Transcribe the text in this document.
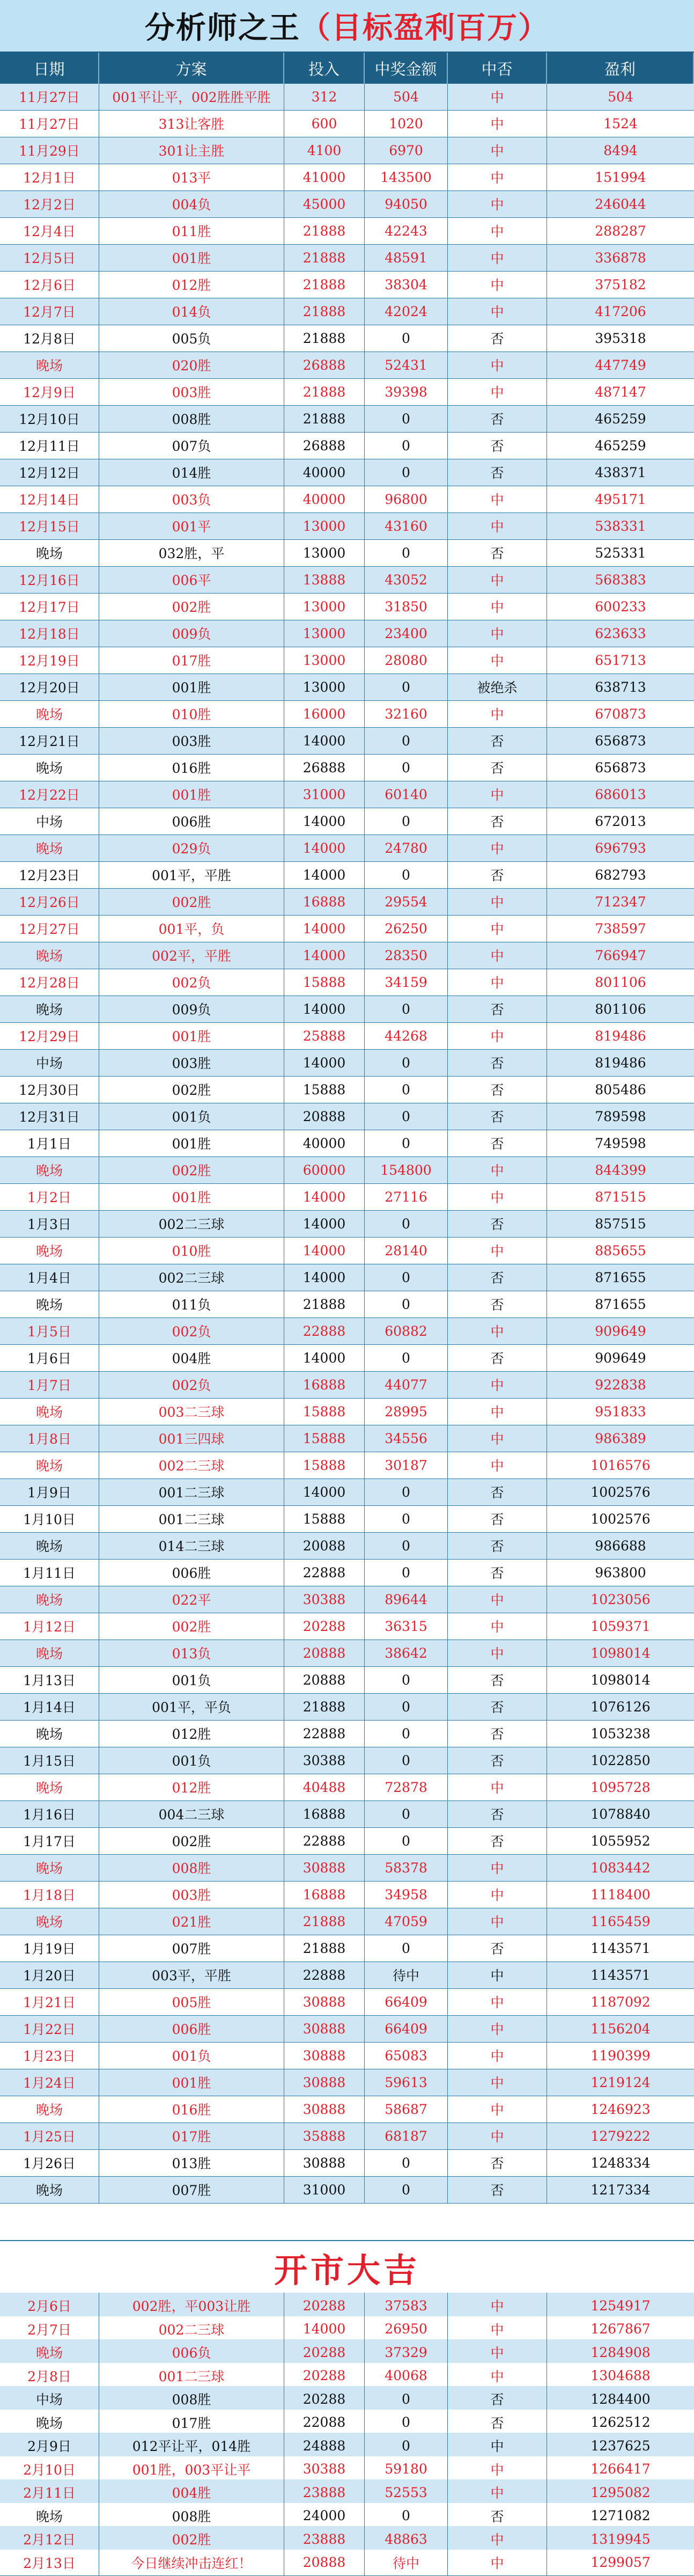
分析师之王 （目标盈利百万）
日期	方案	投入	中奖金额	中否	盈利
11月27日	001平让平，002胜胜平胜	312	504	中	504
11月27日	313让客胜	600	1020	中	1524
11月29日	301让主胜	4100	6970	中	8494
12月1日	013平	41000	143500	中	151994
12月2日	004负	45000	94050	中	246044
12月4日	011胜	21888	42243	中	288287
12月5日	001胜	21888	48591	中	336878
12月6日	012胜	21888	38304	中	375182
12月7日	014负	21888	42024	中	417206
12月8日	005负	21888	0	否	395318
晚场	020胜	26888	52431	中	447749
12月9日	003胜	21888	39398	中	487147
12月10日	008胜	21888	0	否	465259
12月11日	007负	26888	0	否	465259
12月12日	014胜	40000	0	否	438371
12月14日	003负	40000	96800	中	495171
12月15日	001平	13000	43160	中	538331
晚场	032胜，平	13000	0	否	525331
12月16日	006平	13888	43052	中	568383
12月17日	002胜	13000	31850	中	600233
12月18日	009负	13000	23400	中	623633
12月19日	017胜	13000	28080	中	651713
12月20日	001胜	13000	0	被绝杀	638713
晚场	010胜	16000	32160	中	670873
12月21日	003胜	14000	0	否	656873
晚场	016胜	26888	0	否	656873
12月22日	001胜	31000	60140	中	686013
中场	006胜	14000	0	否	672013
晚场	029负	14000	24780	中	696793
12月23日	001平，平胜	14000	0	否	682793
12月26日	002胜	16888	29554	中	712347
12月27日	001平，负	14000	26250	中	738597
晚场	002平，平胜	14000	28350	中	766947
12月28日	002负	15888	34159	中	801106
晚场	009负	14000	0	否	801106
12月29日	001胜	25888	44268	中	819486
中场	003胜	14000	0	否	819486
12月30日	002胜	15888	0	否	805486
12月31日	001负	20888	0	否	789598
1月1日	001胜	40000	0	否	749598
晚场	002胜	60000	154800	中	844399
1月2日	001胜	14000	27116	中	871515
1月3日	002二三球	14000	0	否	857515
晚场	010胜	14000	28140	中	885655
1月4日	002二三球	14000	0	否	871655
晚场	011负	21888	0	否	871655
1月5日	002负	22888	60882	中	909649
1月6日	004胜	14000	0	否	909649
1月7日	002负	16888	44077	中	922838
晚场	003二三球	15888	28995	中	951833
1月8日	001三四球	15888	34556	中	986389
晚场	002二三球	15888	30187	中	1016576
1月9日	001二三球	14000	0	否	1002576
1月10日	001二三球	15888	0	否	1002576
晚场	014二三球	20088	0	否	986688
1月11日	006胜	22888	0	否	963800
晚场	022平	30388	89644	中	1023056
1月12日	002胜	20288	36315	中	1059371
晚场	013负	20888	38642	中	1098014
1月13日	001负	20888	0	否	1098014
1月14日	001平，平负	21888	0	否	1076126
晚场	012胜	22888	0	否	1053238
1月15日	001负	30388	0	否	1022850
晚场	012胜	40488	72878	中	1095728
1月16日	004二三球	16888	0	否	1078840
1月17日	002胜	22888	0	否	1055952
晚场	008胜	30888	58378	中	1083442
1月18日	003胜	16888	34958	中	1118400
晚场	021胜	21888	47059	中	1165459
1月19日	007胜	21888	0	否	1143571
1月20日	003平，平胜	22888	待中	中	1143571
1月21日	005胜	30888	66409	中	1187092
1月22日	006胜	30888	66409	中	1156204
1月23日	001负	30888	65083	中	1190399
1月24日	001胜	30888	59613	中	1219124
晚场	016胜	30888	58687	中	1246923
1月25日	017胜	35888	68187	中	1279222
1月26日	013胜	30888	0	否	1248334
晚场	007胜	31000	0	否	1217334
开市大吉
2月6日	002胜，平003让胜	20288	37583	中	1254917
2月7日	002二三球	14000	26950	中	1267867
晚场	006负	20288	37329	中	1284908
2月8日	001二三球	20288	40068	中	1304688
中场	008胜	20288	0	否	1284400
晚场	017胜	22088	0	否	1262512
2月9日	012平让平，014胜	24888	0	中	1237625
2月10日	001胜，003平让平	30388	59180	中	1266417
2月11日	004胜	23888	52553	中	1295082
晚场	008胜	24000	0	否	1271082
2月12日	002胜	23888	48863	中	1319945
2月13日	今日继续冲击连红！	20888	待中	中	1299057
